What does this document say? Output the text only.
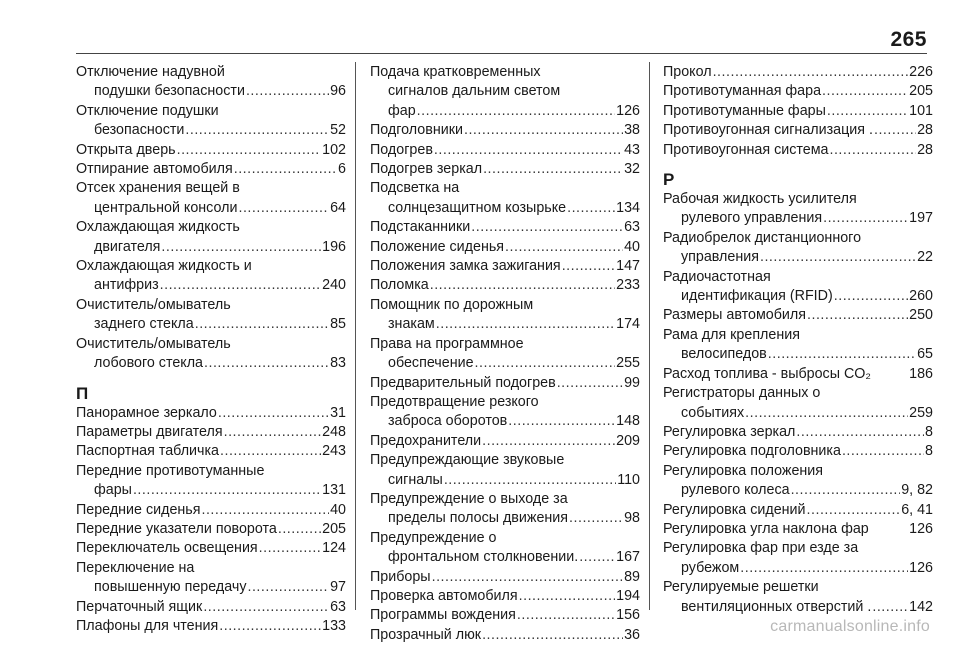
265
Отключение надувной
подушки безопасности .....	96
Отключение подушки
безопасности .....	52
Открыта дверь .....	102
Отпирание автомобиля .....	6
Отсек хранения вещей в
центральной консоли .....	64
Охлаждающая жидкость
двигателя .....	196
Охлаждающая жидкость и
антифриз .....	240
Очиститель/омыватель
заднего стекла .....	85
Очиститель/омыватель
лобового стекла .....	83
П
Панорамное зеркало .....	31
Параметры двигателя .....	248
Паспортная табличка .....	243
Передние противотуманные
фары .....	131
Передние сиденья .....	40
Передние указатели поворота .....	205
Переключатель освещения .....	124
Переключение на
повышенную передачу .....	97
Перчаточный ящик .....	63
Плафоны для чтения .....	133
Подача кратковременных
сигналов дальним светом
фар .....	126
Подголовники .....	38
Подогрев .....	43
Подогрев зеркал .....	32
Подсветка на
солнцезащитном козырьке .....	134
Подстаканники .....	63
Положение сиденья .....	40
Положения замка зажигания .....	147
Поломка .....	233
Помощник по дорожным
знакам .....	174
Права на программное
обеспечение .....	255
Предварительный подогрев .....	99
Предотвращение резкого
заброса оборотов .....	148
Предохранители .....	209
Предупреждающие звуковые
сигналы .....	110
Предупреждение о выходе за
пределы полосы движения .....	98
Предупреждение о
фронтальном столкновении. .....	167
Приборы .....	89
Проверка автомобиля .....	194
Программы вождения .....	156
Прозрачный люк .....	36
Прокол .....	226
Противотуманная фара .....	205
Противотуманные фары .....	101
Противоугонная сигнализация . .....	28
Противоугонная система .....	28
Р
Рабочая жидкость усилителя
рулевого управления .....	197
Радиобрелок дистанционного
управления .....	22
Радиочастотная
идентификация (RFID) .....	260
Размеры автомобиля .....	250
Рама для крепления
велосипедов .....	65
Расход топлива - выбросы CO₂	186
Регистраторы данных о
событиях .....	259
Регулировка зеркал .....	8
Регулировка подголовника .....	8
Регулировка положения
рулевого колеса .....	9, 82
Регулировка сидений .....	6, 41
Регулировка угла наклона фар	126
Регулировка фар при езде за
рубежом .....	126
Регулируемые решетки
вентиляционных отверстий . .....	142
carmanualsonline.info
